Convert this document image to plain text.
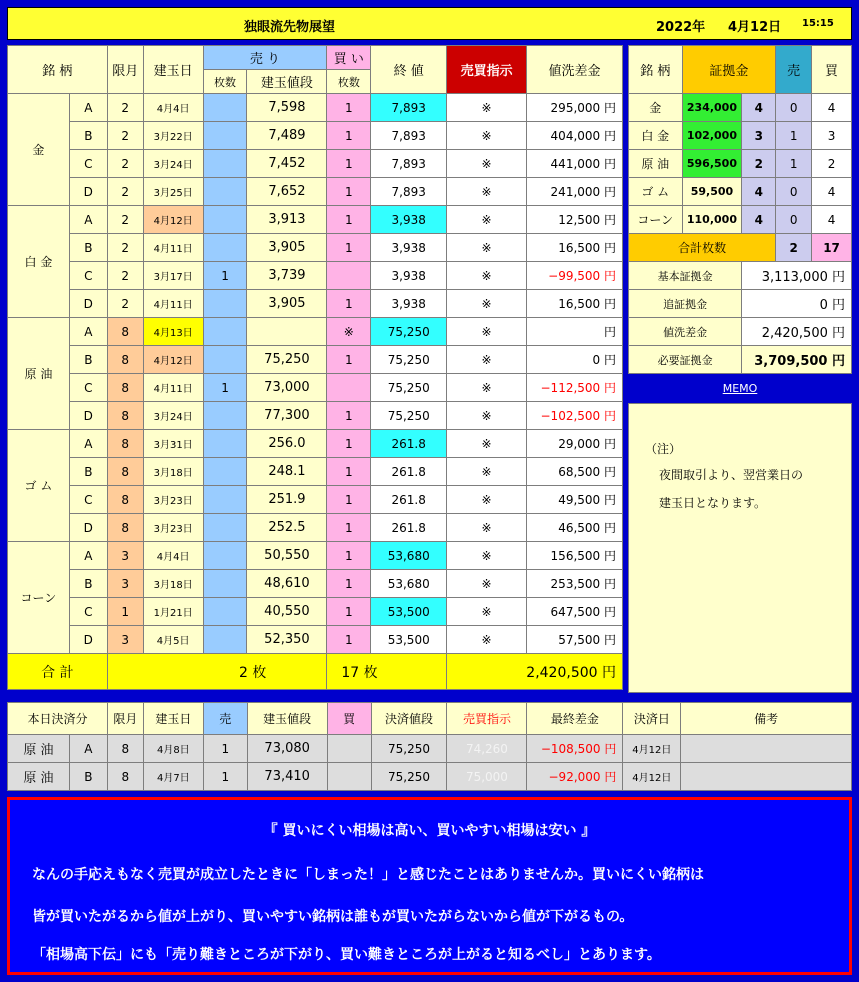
独眼流先物展望	2022年 4月12日 15:15
銘 柄		限月	建玉日	売 り		買 い	終 値	売買指示	値洗差金
				枚数	建玉値段	枚数			
金	A	2	4月4日		7,598	1	7,893	※	295,000 円
	B	2	3月22日		7,489	1	7,893	※	404,000 円
	C	2	3月24日		7,452	1	7,893	※	441,000 円
	D	2	3月25日		7,652	1	7,893	※	241,000 円
白 金	A	2	4月12日		3,913	1	3,938	※	12,500 円
	B	2	4月11日		3,905	1	3,938	※	16,500 円
	C	2	3月17日	1	3,739		3,938	※	−99,500 円
	D	2	4月11日		3,905	1	3,938	※	16,500 円
原 油	A	8	4月13日			※	75,250	※	円
	B	8	4月12日		75,250	1	75,250	※	0 円
	C	8	4月11日	1	73,000		75,250	※	−112,500 円
	D	8	3月24日		77,300	1	75,250	※	−102,500 円
ゴ ム	A	8	3月31日		256.0	1	261.8	※	29,000 円
	B	8	3月18日		248.1	1	261.8	※	68,500 円
	C	8	3月23日		251.9	1	261.8	※	49,500 円
	D	8	3月23日		252.5	1	261.8	※	46,500 円
コーン	A	3	4月4日		50,550	1	53,680	※	156,500 円
	B	3	3月18日		48,610	1	53,680	※	253,500 円
	C	1	1月21日		40,550	1	53,500	※	647,500 円
	D	3	4月5日		52,350	1	53,500	※	57,500 円
合 計		2 枚				17 枚		2,420,500 円	
銘 柄	証拠金		売	買
金	234,000	4	0	4
白 金	102,000	3	1	3
原 油	596,500	2	1	2
ゴ ム	59,500	4	0	4
コーン	110,000	4	0	4
合計枚数			2	17
基本証拠金		3,113,000 円		
追証拠金		0 円		
値洗差金		2,420,500 円		
必要証拠金		3,709,500 円		
MEMO
（注）
夜間取引より、翌営業日の
建玉日となります。
本日決済分		限月	建玉日	売	建玉値段	買	決済値段	売買指示	最終差金	決済日	備考
原 油	A	8	4月8日	1	73,080		75,250	74,260	−108,500 円	4月12日	
原 油	B	8	4月7日	1	73,410		75,250	75,000	−92,000 円	4月12日	
『 買いにくい相場は高い、買いやすい相場は安い 』
なんの手応えもなく売買が成立したときに「しまった！」と感じたことはありませんか。買いにくい銘柄は
皆が買いたがるから値が上がり、買いやすい銘柄は誰もが買いたがらないから値が下がるもの。
「相場高下伝」にも「売り難きところが下がり、買い難きところが上がると知るべし」とあります。
